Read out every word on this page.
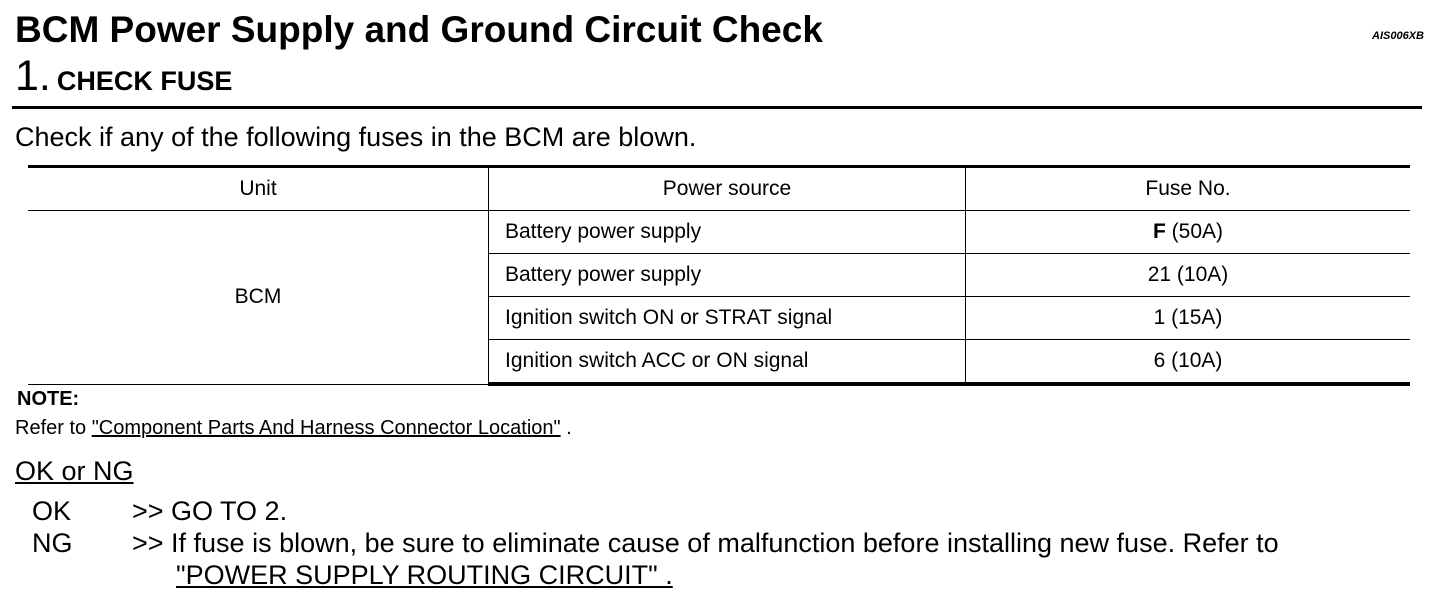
BCM Power Supply and Ground Circuit Check	AIS006XB
1. CHECK FUSE
Check if any of the following fuses in the BCM are blown.
Unit	Power source	Fuse No.
BCM	Battery power supply	F (50A)
	Battery power supply	21 (10A)
	Ignition switch ON or STRAT signal	1 (15A)
	Ignition switch ACC or ON signal	6 (10A)
NOTE:
Refer to "Component Parts And Harness Connector Location" .
OK or NG
OK >> GO TO 2.
NG >> If fuse is blown, be sure to eliminate cause of malfunction before installing new fuse. Refer to
"POWER SUPPLY ROUTING CIRCUIT" .
